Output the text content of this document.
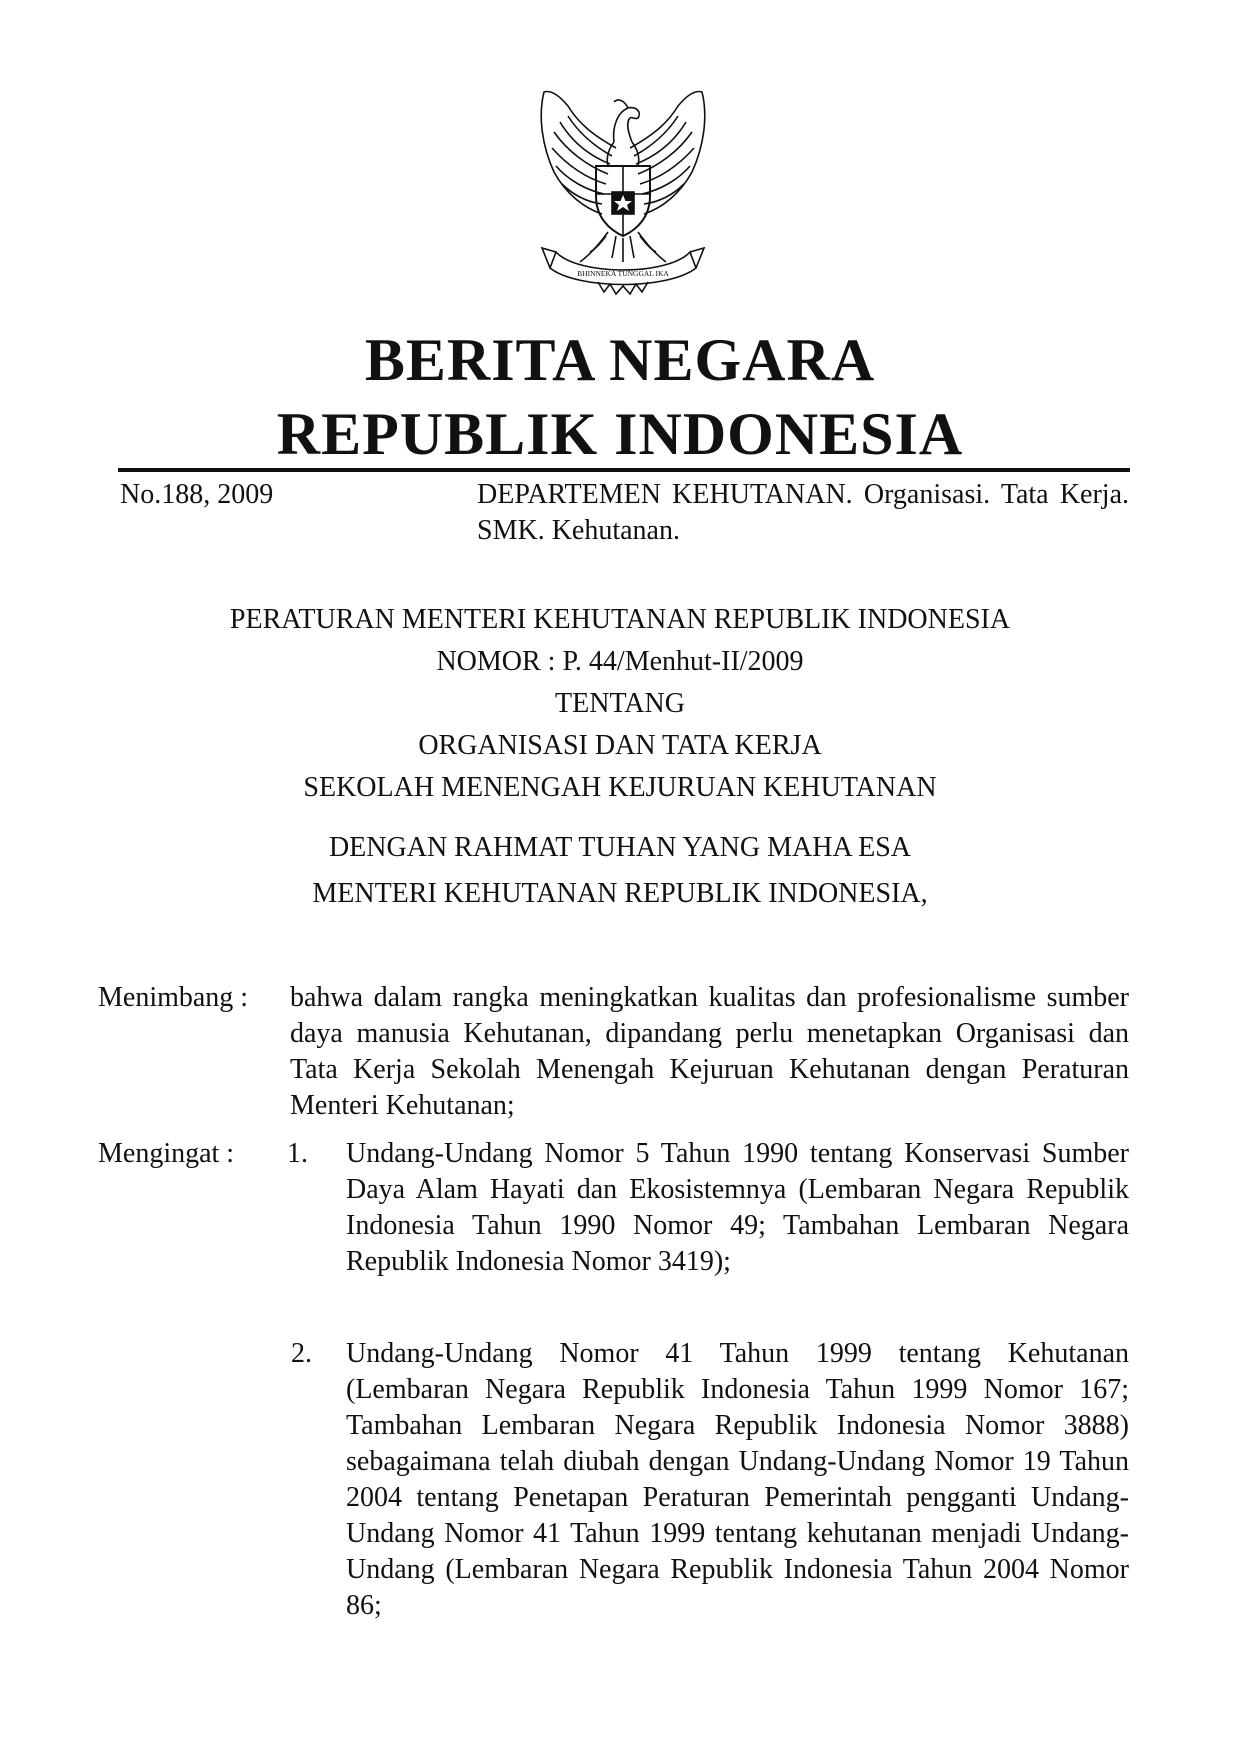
BHINNEKA TUNGGAL IKA
BERITA NEGARA
REPUBLIK INDONESIA
No.188, 2009	DEPARTEMEN KEHUTANAN. Organisasi. Tata Kerja. SMK. Kehutanan.
PERATURAN MENTERI KEHUTANAN REPUBLIK INDONESIA
NOMOR : P. 44/Menhut-II/2009
TENTANG
ORGANISASI DAN TATA KERJA
SEKOLAH MENENGAH KEJURUAN KEHUTANAN
DENGAN RAHMAT TUHAN YANG MAHA ESA
MENTERI KEHUTANAN REPUBLIK INDONESIA,
Menimbang : bahwa dalam rangka meningkatkan kualitas dan profesionalisme sumber daya manusia Kehutanan, dipandang perlu menetapkan Organisasi dan Tata Kerja Sekolah Menengah Kejuruan Kehutanan dengan Peraturan Menteri Kehutanan;
Mengingat :	1. Undang-Undang Nomor 5 Tahun 1990 tentang Konservasi Sumber Daya Alam Hayati dan Ekosistemnya (Lembaran Negara Republik Indonesia Tahun 1990 Nomor 49; Tambahan Lembaran Negara Republik Indonesia Nomor 3419);
2. Undang-Undang Nomor 41 Tahun 1999 tentang Kehutanan (Lembaran Negara Republik Indonesia Tahun 1999 Nomor 167; Tambahan Lembaran Negara Republik Indonesia Nomor 3888) sebagaimana telah diubah dengan Undang-Undang Nomor 19 Tahun 2004 tentang Penetapan Peraturan Pemerintah pengganti Undang-Undang Nomor 41 Tahun 1999 tentang kehutanan menjadi Undang-Undang (Lembaran Negara Republik Indonesia Tahun 2004 Nomor 86;
